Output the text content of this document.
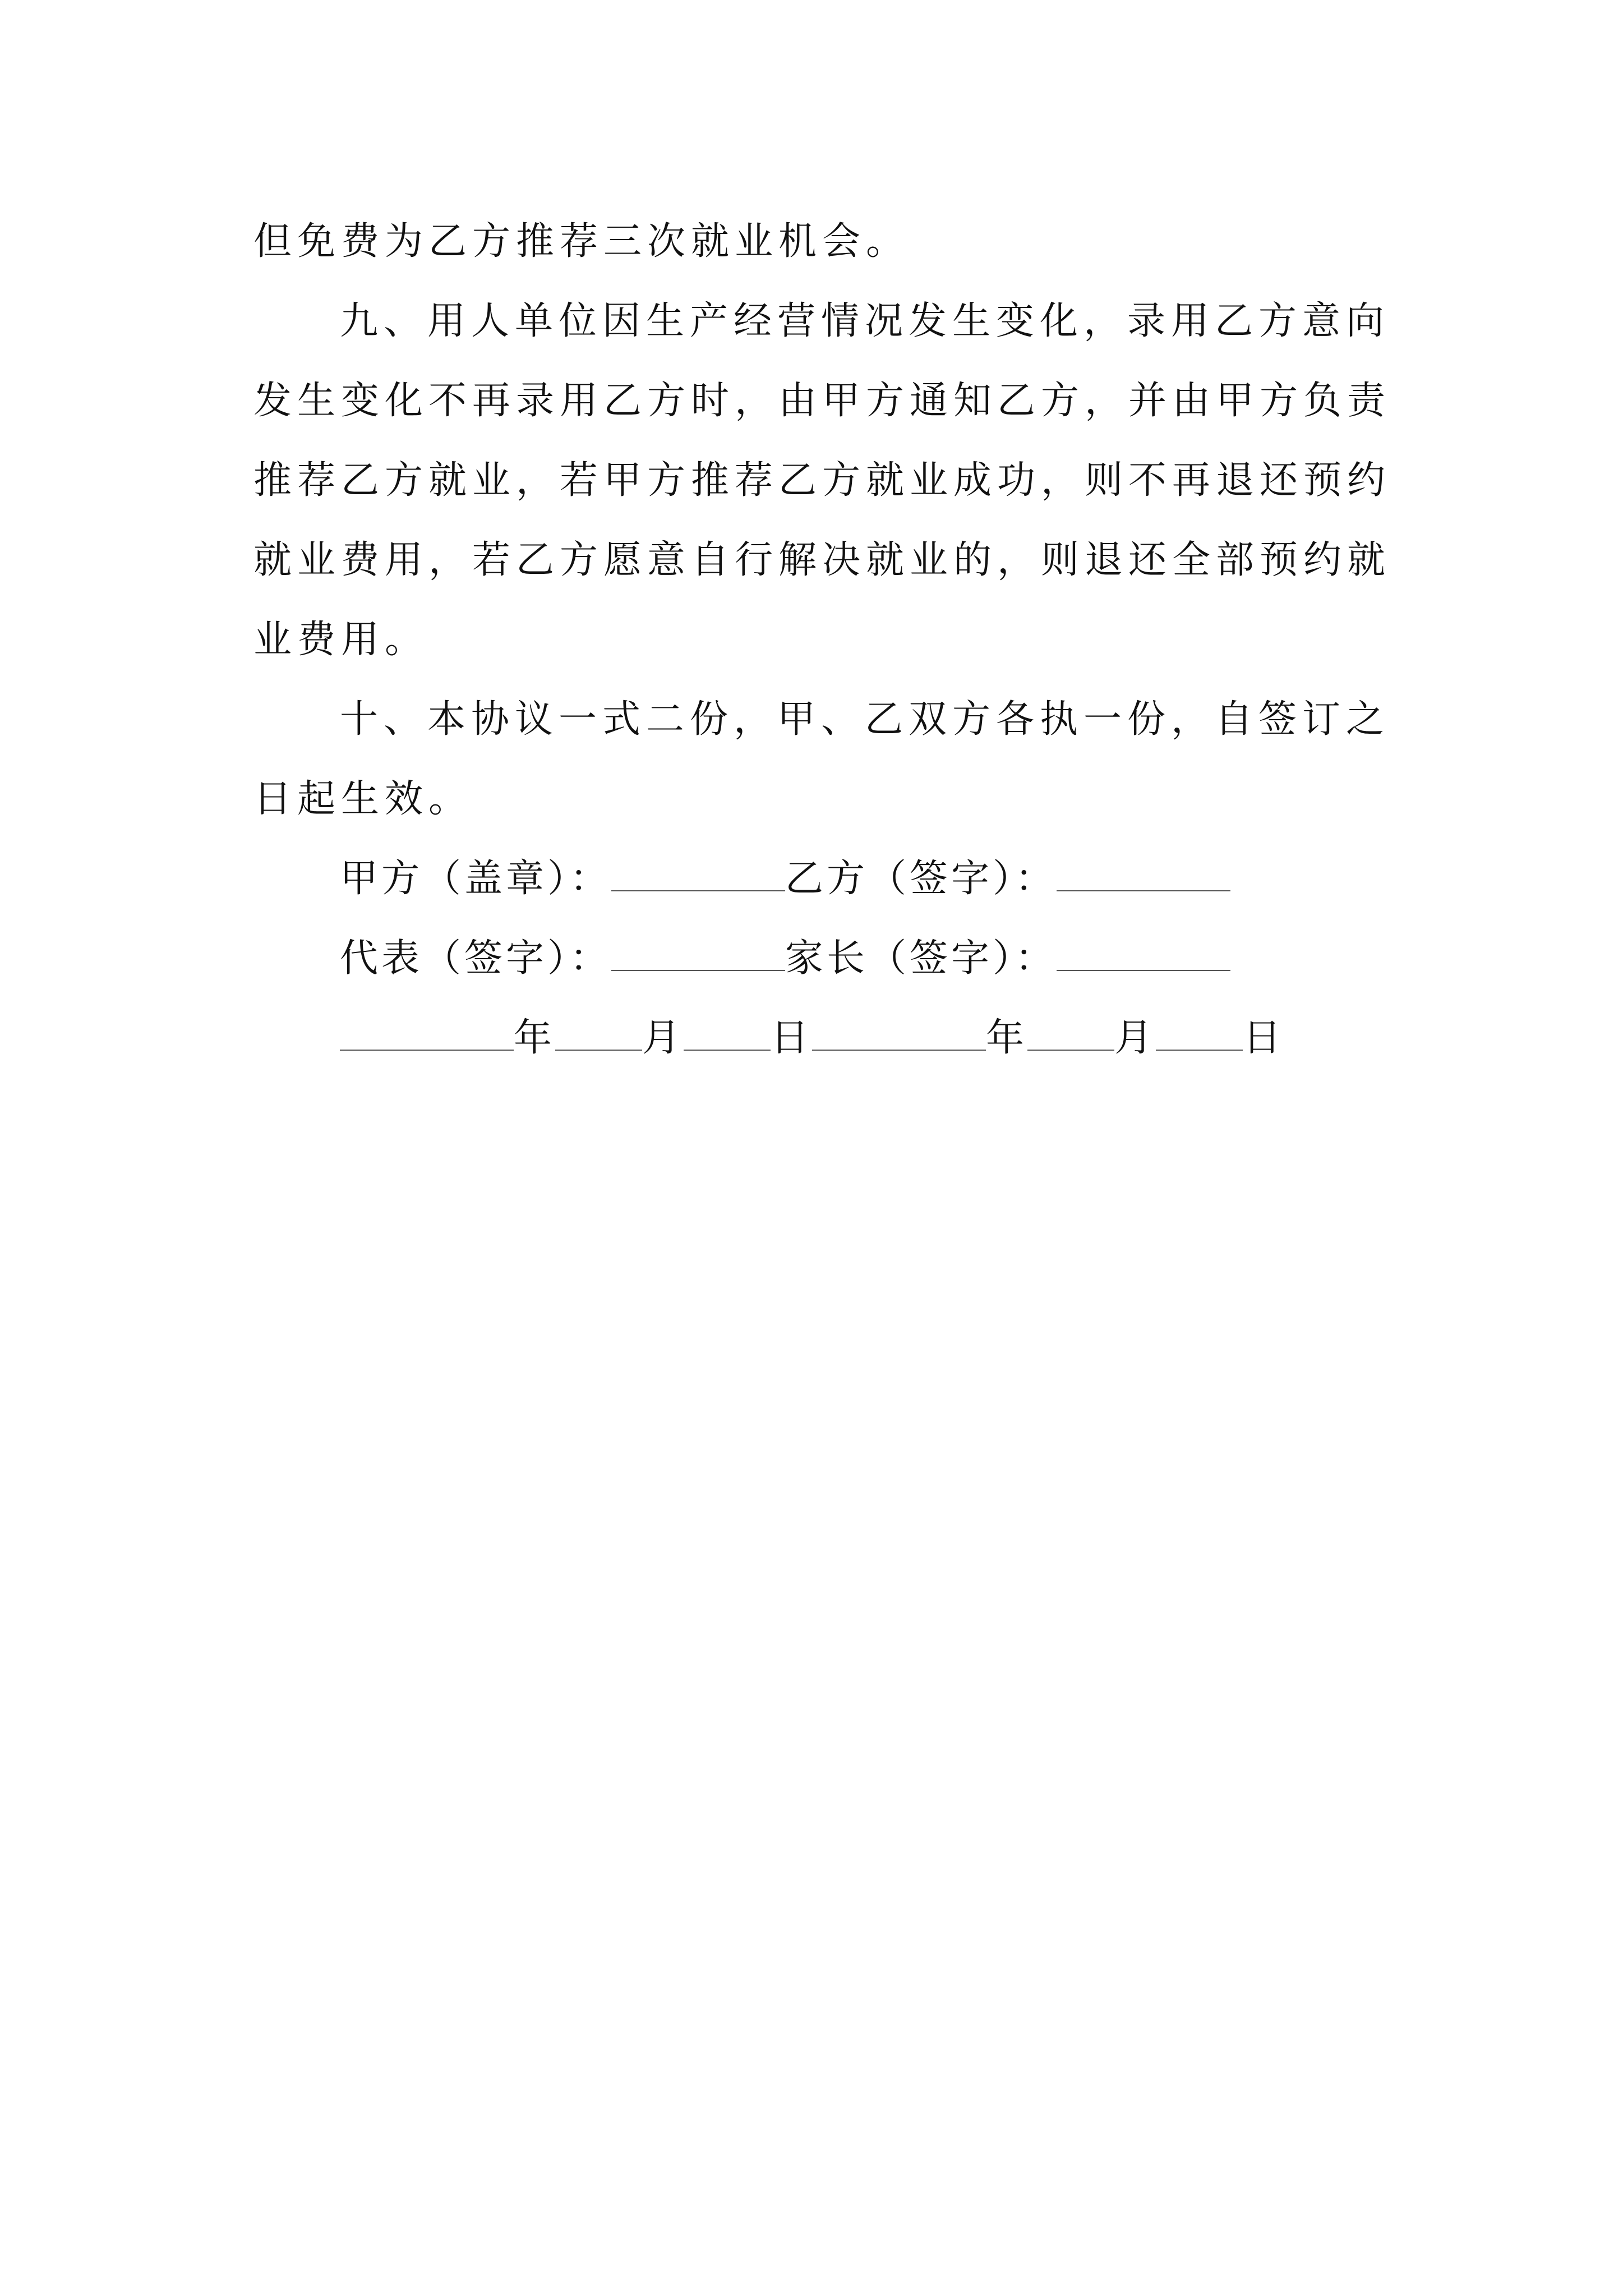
但免费为乙方推荐三次就业机会。
九、用人单位因生产经营情况发生变化，录用乙方意向
发生变化不再录用乙方时，由甲方通知乙方，并由甲方负责
推荐乙方就业，若甲方推荐乙方就业成功，则不再退还预约
就业费用，若乙方愿意自行解决就业的，则退还全部预约就
业费用。
十、本协议一式二份，甲、乙双方各执一份，自签订之
日起生效。
甲方（盖章）：	乙方（签字）：
代表（签字）：	家长（签字）：
年 月 日	年 月 日
